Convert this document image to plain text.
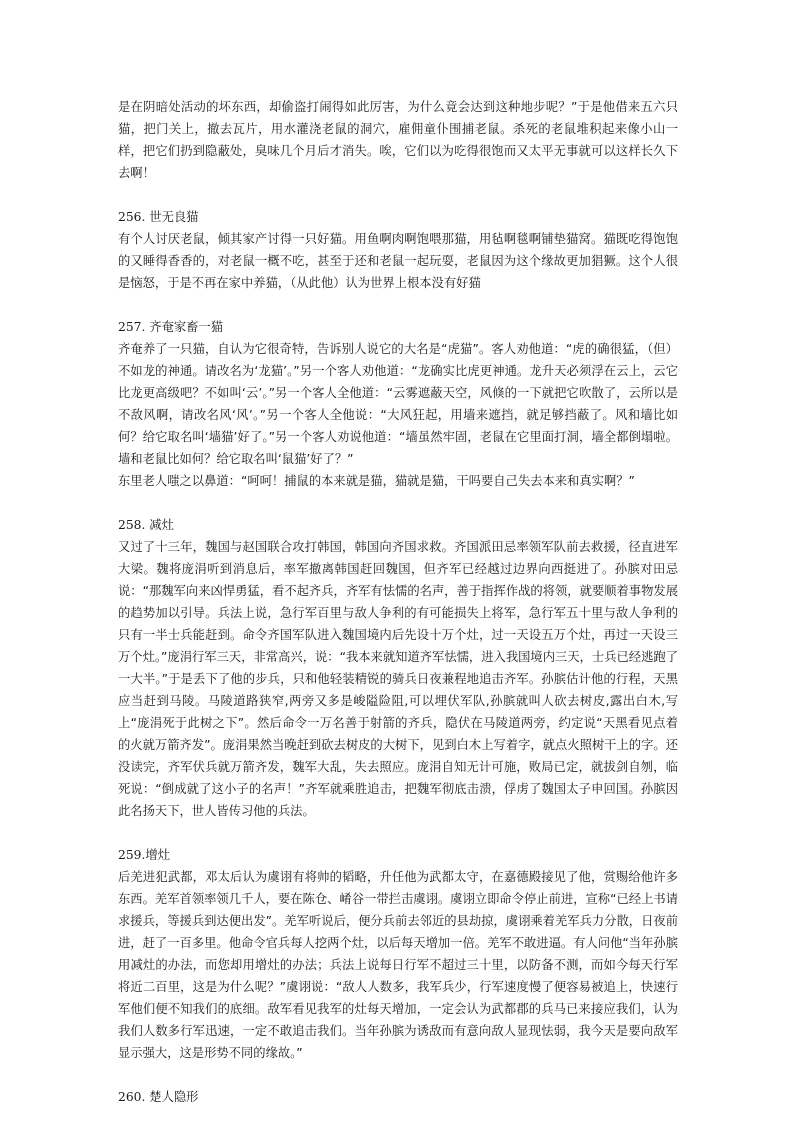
是在阴暗处活动的坏东西，却偷盗打闹得如此厉害，为什么竟会达到这种地步呢？”于是他借来五六只猫，把门关上，撤去瓦片，用水灌浇老鼠的洞穴，雇佣童仆围捕老鼠。杀死的老鼠堆积起来像小山一样，把它们扔到隐蔽处，臭味几个月后才消失。唉，它们以为吃得很饱而又太平无事就可以这样长久下去啊！

256. 世无良猫

有个人讨厌老鼠，倾其家产讨得一只好猫。用鱼啊肉啊饱喂那猫，用毡啊毯啊铺垫猫窝。猫既吃得饱饱的又睡得香香的，对老鼠一概不吃，甚至于还和老鼠一起玩耍，老鼠因为这个缘故更加猖獗。这个人很是恼怒，于是不再在家中养猫，（从此他）认为世界上根本没有好猫

257. 齐奄家畜一猫

齐奄养了一只猫，自认为它很奇特，告诉别人说它的大名是“虎猫”。客人劝他道：“虎的确很猛，（但）不如龙的神通。请改名为‘龙猫’。”另一个客人劝他道：“龙确实比虎更神通。龙升天必须浮在云上，云它比龙更高级吧？不如叫‘云’。”另一个客人全他道：“云雾遮蔽天空，风倏的一下就把它吹散了，云所以是不敌风啊，请改名风‘风’。”另一个客人全他说：“大风狂起，用墙来遮挡，就足够挡蔽了。风和墙比如何？给它取名叫‘墙猫’好了。”另一个客人劝说他道：“墙虽然牢固，老鼠在它里面打洞，墙全都倒塌啦。墙和老鼠比如何？给它取名叫‘鼠猫’好了？”

东里老人嗤之以鼻道：“呵呵！捕鼠的本来就是猫，猫就是猫，干吗要自己失去本来和真实啊？”

258. 减灶

又过了十三年，魏国与赵国联合攻打韩国，韩国向齐国求救。齐国派田忌率领军队前去救援，径直进军大梁。魏将庞涓听到消息后，率军撤离韩国赶回魏国，但齐军已经越过边界向西挺进了。孙膑对田忌说：“那魏军向来凶悍勇猛，看不起齐兵，齐军有怯懦的名声，善于指挥作战的将领，就要顺着事物发展的趋势加以引导。兵法上说，急行军百里与敌人争利的有可能损失上将军，急行军五十里与敌人争利的只有一半士兵能赶到。命令齐国军队进入魏国境内后先设十万个灶，过一天设五万个灶，再过一天设三万个灶。”庞涓行军三天，非常高兴，说：“我本来就知道齐军怯懦，进入我国境内三天，士兵已经逃跑了一大半。”于是丢下了他的步兵，只和他轻装精锐的骑兵日夜兼程地追击齐军。孙膑估计他的行程，天黑应当赶到马陵。马陵道路狭窄,两旁又多是峻隘险阻,可以埋伏军队,孙膑就叫人砍去树皮,露出白木,写上“庞涓死于此树之下”。然后命令一万名善于射箭的齐兵，隐伏在马陵道两旁，约定说“天黑看见点着的火就万箭齐发”。庞涓果然当晚赶到砍去树皮的大树下，见到白木上写着字，就点火照树干上的字。还没读完，齐军伏兵就万箭齐发，魏军大乱，失去照应。庞涓自知无计可施，败局已定，就拔剑自刎，临死说：“倒成就了这小子的名声！”齐军就乘胜追击，把魏军彻底击溃，俘虏了魏国太子申回国。孙膑因此名扬天下，世人皆传习他的兵法。

259.增灶

后羌进犯武都，邓太后认为虞诩有将帅的韬略，升任他为武都太守，在嘉德殿接见了他，赏赐给他许多东西。羌军首领率领几千人，要在陈仓、崤谷一带拦击虞诩。虞诩立即命令停止前进，宣称“已经上书请求援兵，等援兵到达便出发”。羌军听说后，便分兵前去邻近的县劫掠，虞诩乘着羌军兵力分散，日夜前进，赶了一百多里。他命令官兵每人挖两个灶，以后每天增加一倍。羌军不敢进逼。有人问他“当年孙膑用减灶的办法，而您却用增灶的办法；兵法上说每日行军不超过三十里，以防备不测，而如今每天行军将近二百里，这是为什么呢？”虞诩说：“敌人人数多，我军兵少，行军速度慢了便容易被追上，快速行军他们便不知我们的底细。敌军看见我军的灶每天增加，一定会认为武都郡的兵马已来接应我们，认为我们人数多行军迅速，一定不敢追击我们。当年孙膑为诱敌而有意向敌人显现怯弱，我今天是要向敌军显示强大，这是形势不同的缘故。”

260. 楚人隐形
